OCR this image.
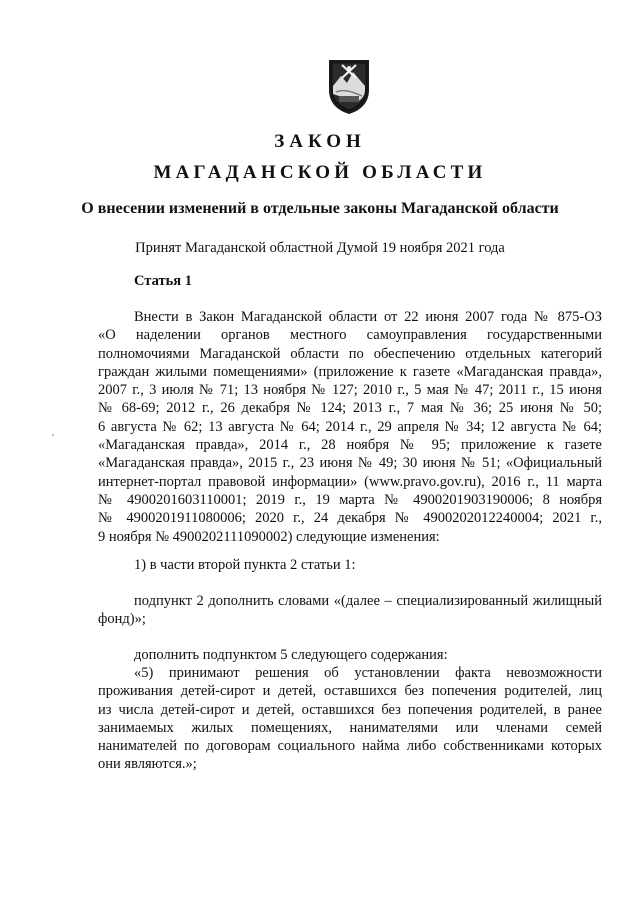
ЗАКОН
МАГАДАНСКОЙ ОБЛАСТИ
О внесении изменений в отдельные законы Магаданской области
Принят Магаданской областной Думой 19 ноября 2021 года
Статья 1
Внести в Закон Магаданской области от 22 июня 2007 года № 875-ОЗ
«О наделении органов местного самоуправления государственными
полномочиями Магаданской области по обеспечению отдельных категорий
граждан жилыми помещениями» (приложение к газете «Магаданская правда»,
2007 г., 3 июля № 71; 13 ноября № 127; 2010 г., 5 мая № 47; 2011 г., 15 июня
№ 68-69; 2012 г., 26 декабря № 124; 2013 г., 7 мая № 36; 25 июня № 50;
6 августа № 62; 13 августа № 64; 2014 г., 29 апреля № 34; 12 августа № 64;
«Магаданская правда», 2014 г., 28 ноября № 95; приложение к газете
«Магаданская правда», 2015 г., 23 июня № 49; 30 июня № 51; «Официальный
интернет-портал правовой информации» (www.pravo.gov.ru), 2016 г., 11 марта
№ 4900201603110001; 2019 г., 19 марта № 4900201903190006; 8 ноября
№ 4900201911080006; 2020 г., 24 декабря № 4900202012240004; 2021 г.,
9 ноября № 4900202111090002) следующие изменения:
1) в части второй пункта 2 статьи 1:
подпункт 2 дополнить словами «(далее – специализированный жилищный
фонд)»;
дополнить подпунктом 5 следующего содержания:
«5) принимают решения об установлении факта невозможности
проживания детей-сирот и детей, оставшихся без попечения родителей, лиц
из числа детей-сирот и детей, оставшихся без попечения родителей, в ранее
занимаемых жилых помещениях, нанимателями или членами семей
нанимателей по договорам социального найма либо собственниками которых
они являются.»;
